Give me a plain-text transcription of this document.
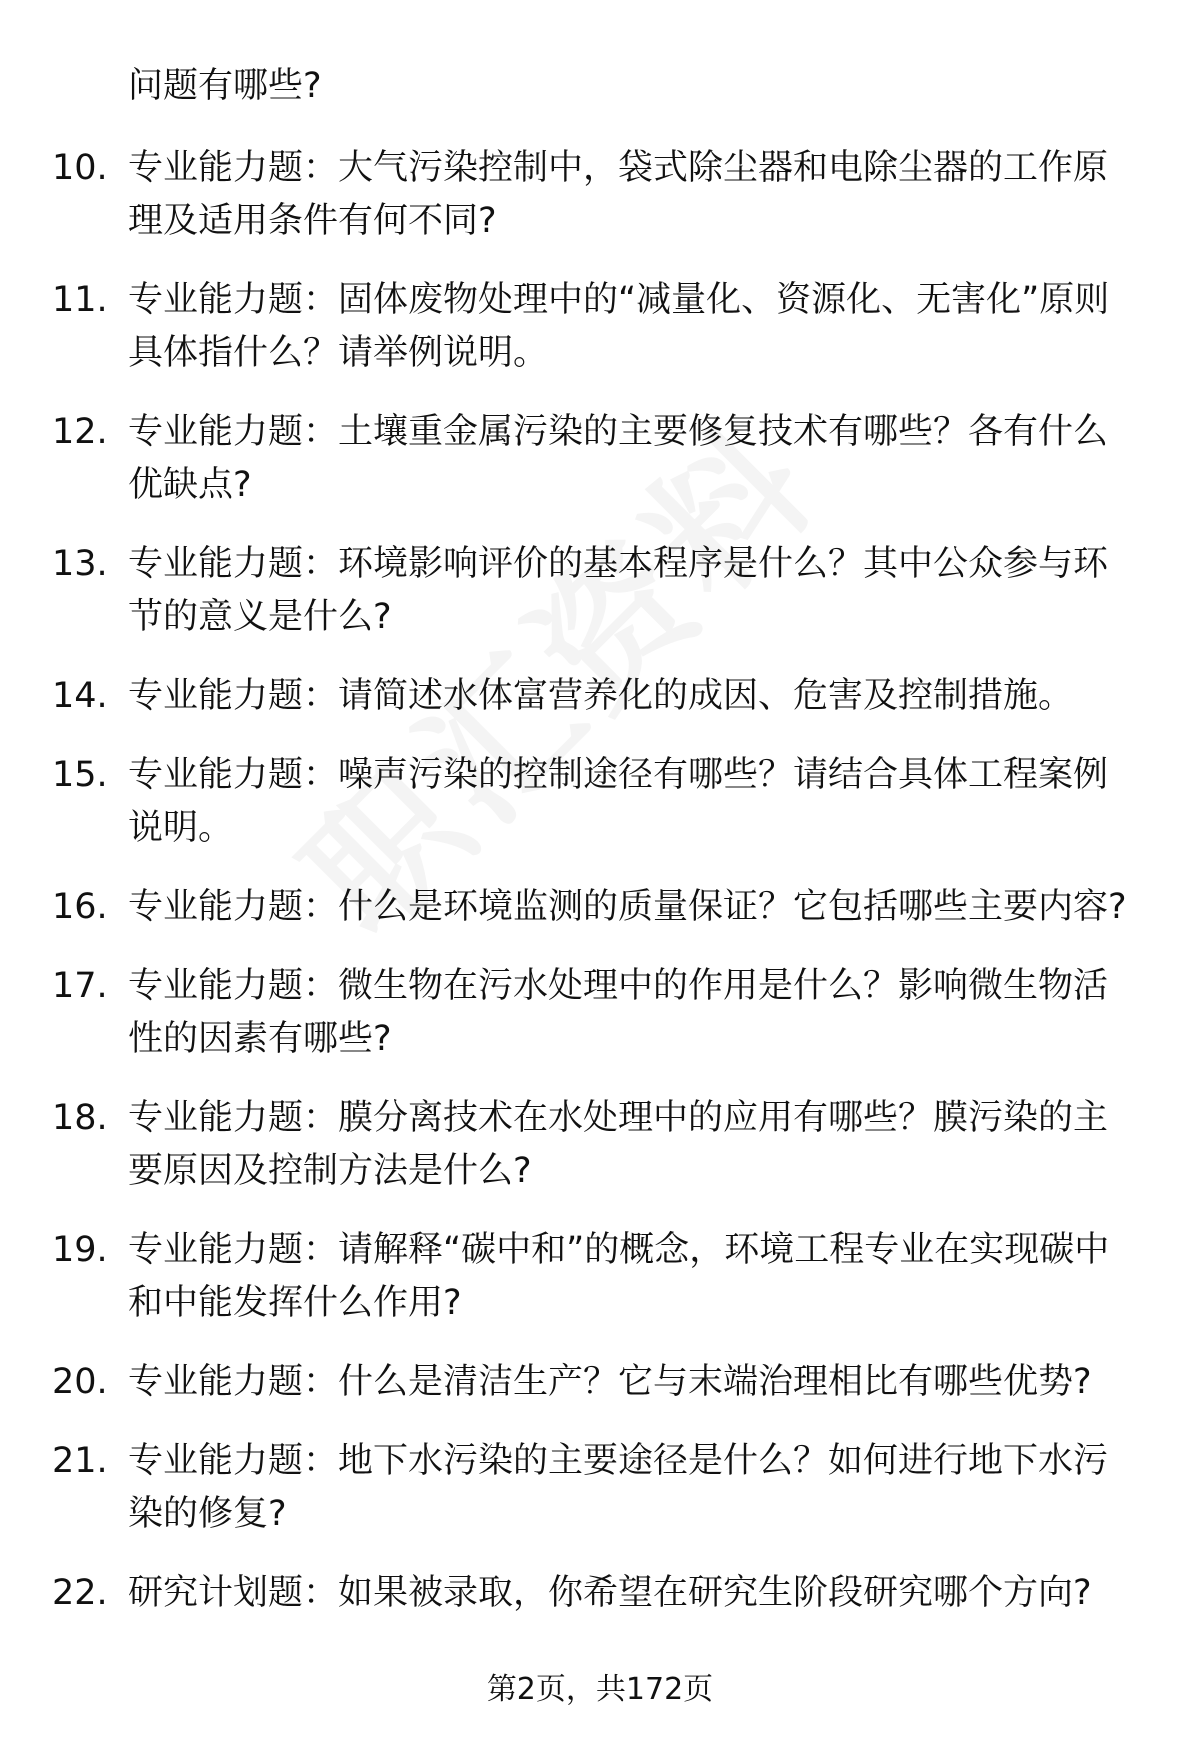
问题有哪些?

10. 专业能力题：大气污染控制中，袋式除尘器和电除尘器的工作原理及适用条件有何不同?
11. 专业能力题：固体废物处理中的“减量化、资源化、无害化”原则具体指什么？请举例说明。
12. 专业能力题：土壤重金属污染的主要修复技术有哪些？各有什么优缺点?
13. 专业能力题：环境影响评价的基本程序是什么？其中公众参与环节的意义是什么?
14. 专业能力题：请简述水体富营养化的成因、危害及控制措施。
15. 专业能力题：噪声污染的控制途径有哪些？请结合具体工程案例说明。
16. 专业能力题：什么是环境监测的质量保证？它包括哪些主要内容?
17. 专业能力题：微生物在污水处理中的作用是什么？影响微生物活性的因素有哪些?
18. 专业能力题：膜分离技术在水处理中的应用有哪些？膜污染的主要原因及控制方法是什么?
19. 专业能力题：请解释“碳中和”的概念，环境工程专业在实现碳中和中能发挥什么作用?
20. 专业能力题：什么是清洁生产？它与末端治理相比有哪些优势?
21. 专业能力题：地下水污染的主要途径是什么？如何进行地下水污染的修复?
22. 研究计划题：如果被录取，你希望在研究生阶段研究哪个方向?
第2页，共172页
